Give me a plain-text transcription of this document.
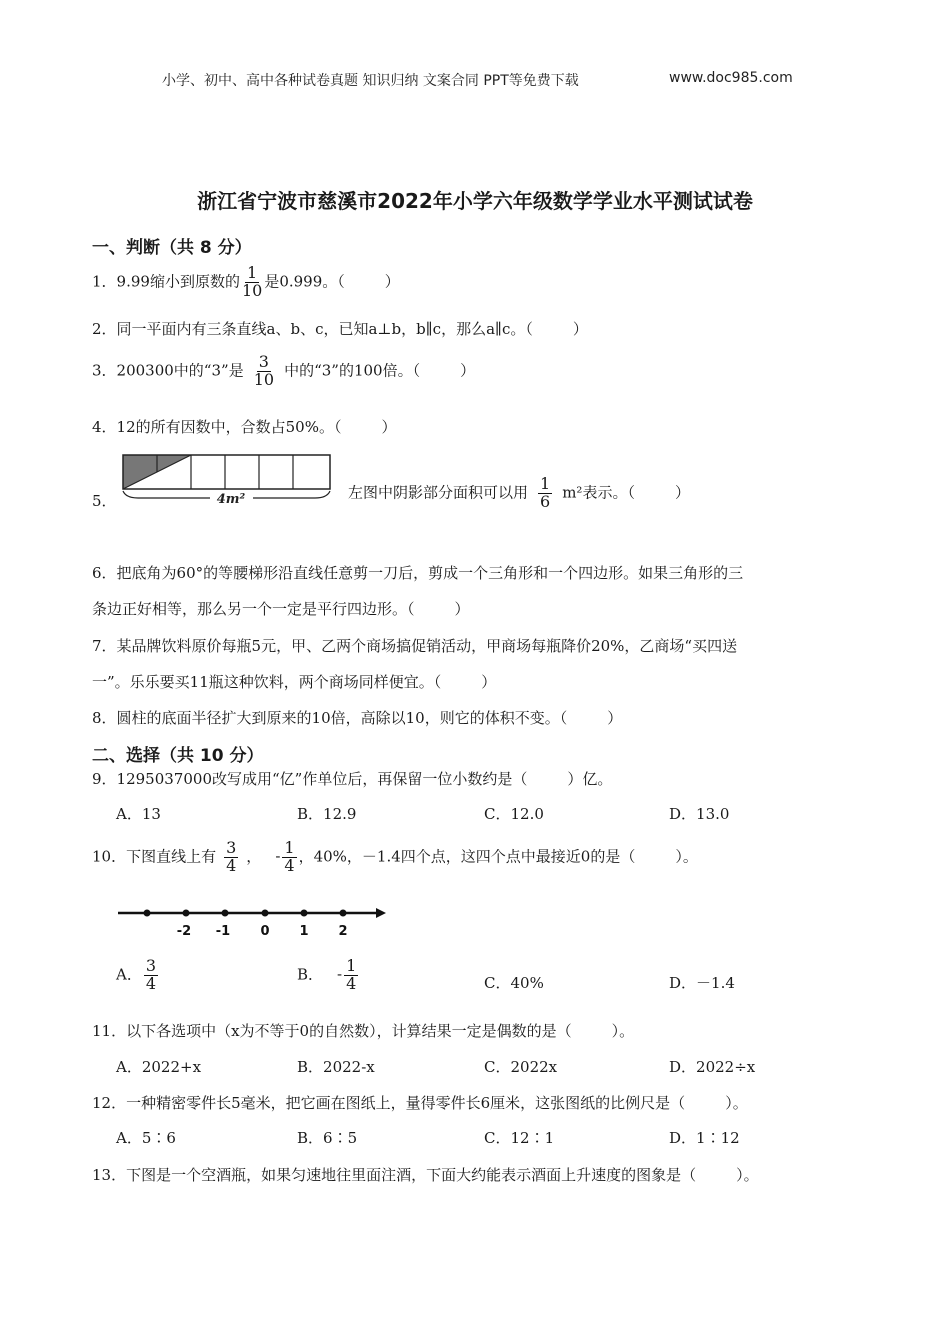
小学、初中、高中各种试卷真题 知识归纳 文案合同 PPT等免费下载	www.doc985.com
浙江省宁波市慈溪市2022年小学六年级数学学业水平测试试卷
一、判断（共 8 分）
1．9.99缩小到原数的 $\frac{1}{10}$ 是0.999。（	）
2．同一平面内有三条直线a、b、c，已知a⊥b，b∥c，那么a∥c。（	）
3．200300中的“3”是 $\frac{3}{10}$ 中的“3”的100倍。（	）
4．12的所有因数中，合数占50%。（	）
5．	4m²	左图中阴影部分面积可以用 $\frac{1}{6} m^2$表示。（	）
6．把底角为60°的等腰梯形沿直线任意剪一刀后，剪成一个三角形和一个四边形。如果三角形的三
条边正好相等，那么另一个一定是平行四边形。（	）
7．某品牌饮料原价每瓶5元，甲、乙两个商场搞促销活动，甲商场每瓶降价20%，乙商场“买四送
一”。乐乐要买11瓶这种饮料，两个商场同样便宜。（	）
8．圆柱的底面半径扩大到原来的10倍，高除以10，则它的体积不变。（	）
二、选择（共 10 分）
9．1295037000改写成用“亿”作单位后，再保留一位小数约是（	）亿。
A．13	B．12.9	C．12.0	D．13.0
10．下图直线上有 $\frac{3}{4}$ ， - $\frac{1}{4}$ ，40%，－1.4四个点，这四个点中最接近0的是（	）。
-2 -1 0 1 2
A． $\frac{3}{4}$	B． - $\frac{1}{4}$	C．40%	D．－1.4
11．以下各选项中（x为不等于0的自然数），计算结果一定是偶数的是（	）。
A．2022+x	B．2022-x	C．2022x	D．2022÷x
12．一种精密零件长5毫米，把它画在图纸上，量得零件长6厘米，这张图纸的比例尺是（	）。
A．5∶6	B．6∶5	C．12∶1	D．1∶12
13．下图是一个空酒瓶，如果匀速地往里面注酒，下面大约能表示酒面上升速度的图象是（	）。
